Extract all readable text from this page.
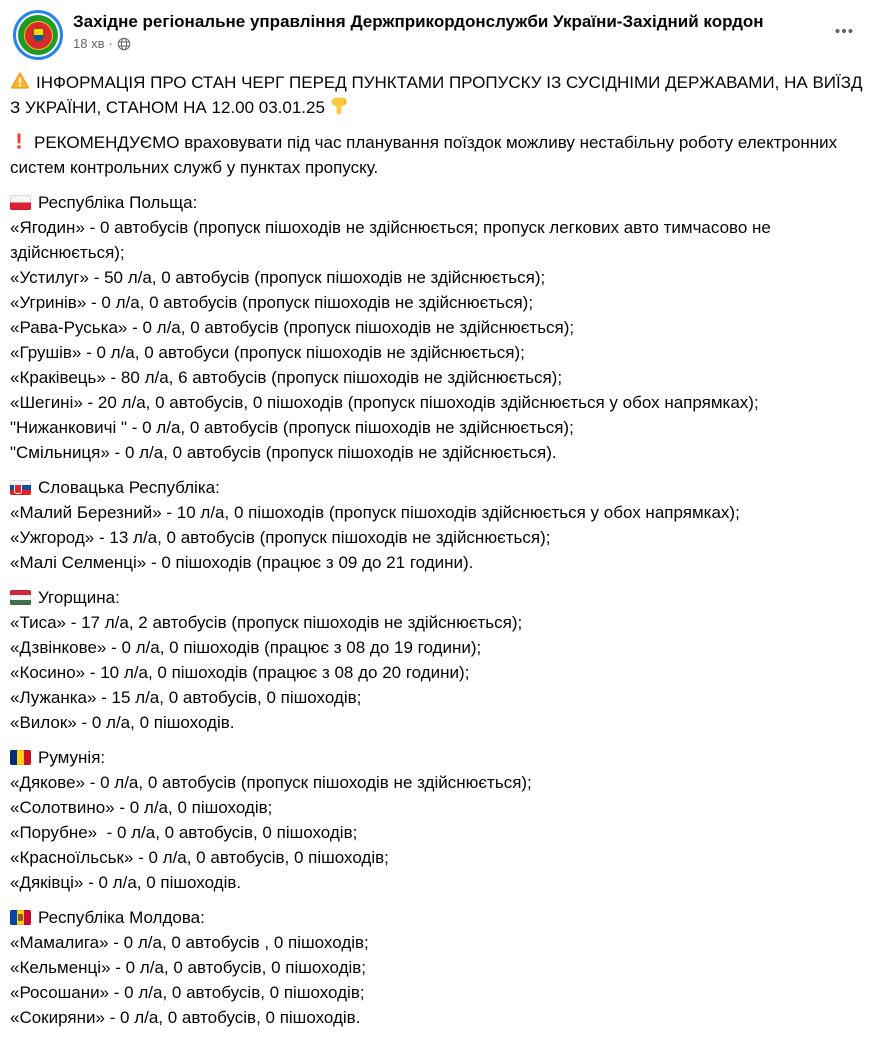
Західне регіональне управління Держприкордонслужби України-Західний кордон
18 хв ·

ІНФОРМАЦІЯ ПРО СТАН ЧЕРГ ПЕРЕД ПУНКТАМИ ПРОПУСКУ ІЗ СУСІДНІМИ ДЕРЖАВАМИ, НА ВИЇЗД З УКРАЇНИ, СТАНОМ НА 12.00 03.01.25

РЕКОМЕНДУЄМО враховувати під час планування поїздок можливу нестабільну роботу електронних систем контрольних служб у пунктах пропуску.

Республіка Польща:
«Ягодин» - 0 автобусів (пропуск пішоходів не здійснюється; пропуск легкових авто тимчасово не здійснюється);
«Устилуг» - 50 л/а, 0 автобусів (пропуск пішоходів не здійснюється);
«Угринів» - 0 л/а, 0 автобусів (пропуск пішоходів не здійснюється);
«Рава-Руська» - 0 л/а, 0 автобусів (пропуск пішоходів не здійснюється);
«Грушів» - 0 л/а, 0 автобуси (пропуск пішоходів не здійснюється);
«Краківець» - 80 л/а, 6 автобусів (пропуск пішоходів не здійснюється);
«Шегині» - 20 л/а, 0 автобусів, 0 пішоходів (пропуск пішоходів здійснюється у обох напрямках);
"Нижанковичі " - 0 л/а, 0 автобусів (пропуск пішоходів не здійснюється);
"Смільниця» - 0 л/а, 0 автобусів (пропуск пішоходів не здійснюється).
Словацька Республіка:
«Малий Березний» - 10 л/а, 0 пішоходів (пропуск пішоходів здійснюється у обох напрямках);
«Ужгород» - 13 л/а, 0 автобусів (пропуск пішоходів не здійснюється);
«Малі Селменці» - 0 пішоходів (працює з 09 до 21 години).
Угорщина:
«Тиса» - 17 л/а, 2 автобусів (пропуск пішоходів не здійснюється);
«Дзвінкове» - 0 л/а, 0 пішоходів (працює з 08 до 19 години);
«Косино» - 10 л/а, 0 пішоходів (працює з 08 до 20 години);
«Лужанка» - 15 л/а, 0 автобусів, 0 пішоходів;
«Вилок» - 0 л/а, 0 пішоходів.
Румунія:
«Дякове» - 0 л/а, 0 автобусів (пропуск пішоходів не здійснюється);
«Солотвино» - 0 л/а, 0 пішоходів;
«Порубне»  - 0 л/а, 0 автобусів, 0 пішоходів;
«Красноїльськ» - 0 л/а, 0 автобусів, 0 пішоходів;
«Дяківці» - 0 л/а, 0 пішоходів.
Республіка Молдова:
«Мамалига» - 0 л/а, 0 автобусів , 0 пішоходів;
«Кельменці» - 0 л/а, 0 автобусів, 0 пішоходів;
«Росошани» - 0 л/а, 0 автобусів, 0 пішоходів;
«Сокиряни» - 0 л/а, 0 автобусів, 0 пішоходів.
